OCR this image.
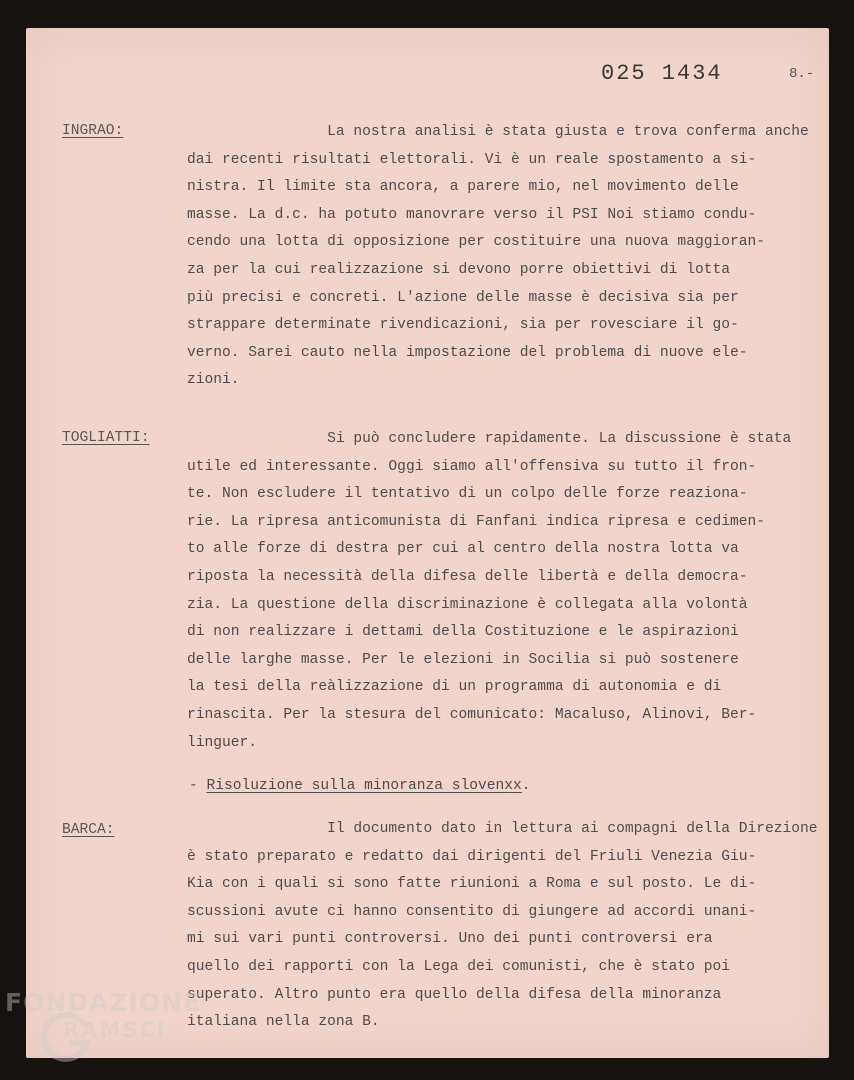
025 1434	8.-
INGRAO:	La nostra analisi è stata giusta e trova conferma anche
dai recenti risultati elettorali. Vi è un reale spostamento a si-
nistra. Il limite sta ancora, a parere mio, nel movimento delle
masse. La d.c. ha potuto manovrare verso il PSI Noi stiamo condu-
cendo una lotta di opposizione per costituire una nuova maggioran-
za per la cui realizzazione si devono porre obiettivi di lotta
più precisi e concreti. L'azione delle masse è decisiva sia per
strappare determinate rivendicazioni, sia per rovesciare il go-
verno. Sarei cauto nella impostazione del problema di nuove ele-
zioni.

TOGLIATTI:	Si può concludere rapidamente. La discussione è stata
utile ed interessante. Oggi siamo all'offensiva su tutto il fron-
te. Non escludere il tentativo di un colpo delle forze reaziona-
rie. La ripresa anticomunista di Fanfani indica ripresa e cedimen-
to alle forze di destra per cui al centro della nostra lotta va
riposta la necessità della difesa delle libertà e della democra-
zia. La questione della discriminazione è collegata alla volontà
di non realizzare i dettami della Costituzione e le aspirazioni
delle larghe masse. Per le elezioni in Socilia si può sostenere
la tesi della reàlizzazione di un programma di autonomia e di
rinascita. Per la stesura del comunicato: Macaluso, Alinovi, Ber-
linguer.

- Risoluzione sulla minoranza slovenxx.
BARCA:	Il documento dato in lettura ai compagni della Direzione
è stato preparato e redatto dai dirigenti del Friuli Venezia Giu-
Kia con i quali si sono fatte riunioni a Roma e sul posto. Le di-
scussioni avute ci hanno consentito di giungere ad accordi unani-
mi sui vari punti controversi. Uno dei punti controversi era
quello dei rapporti con la Lega dei comunisti, che è stato poi
superato. Altro punto era quello della difesa della minoranza
italiana nella zona B.

FONDAZIONE
RAMSCI
